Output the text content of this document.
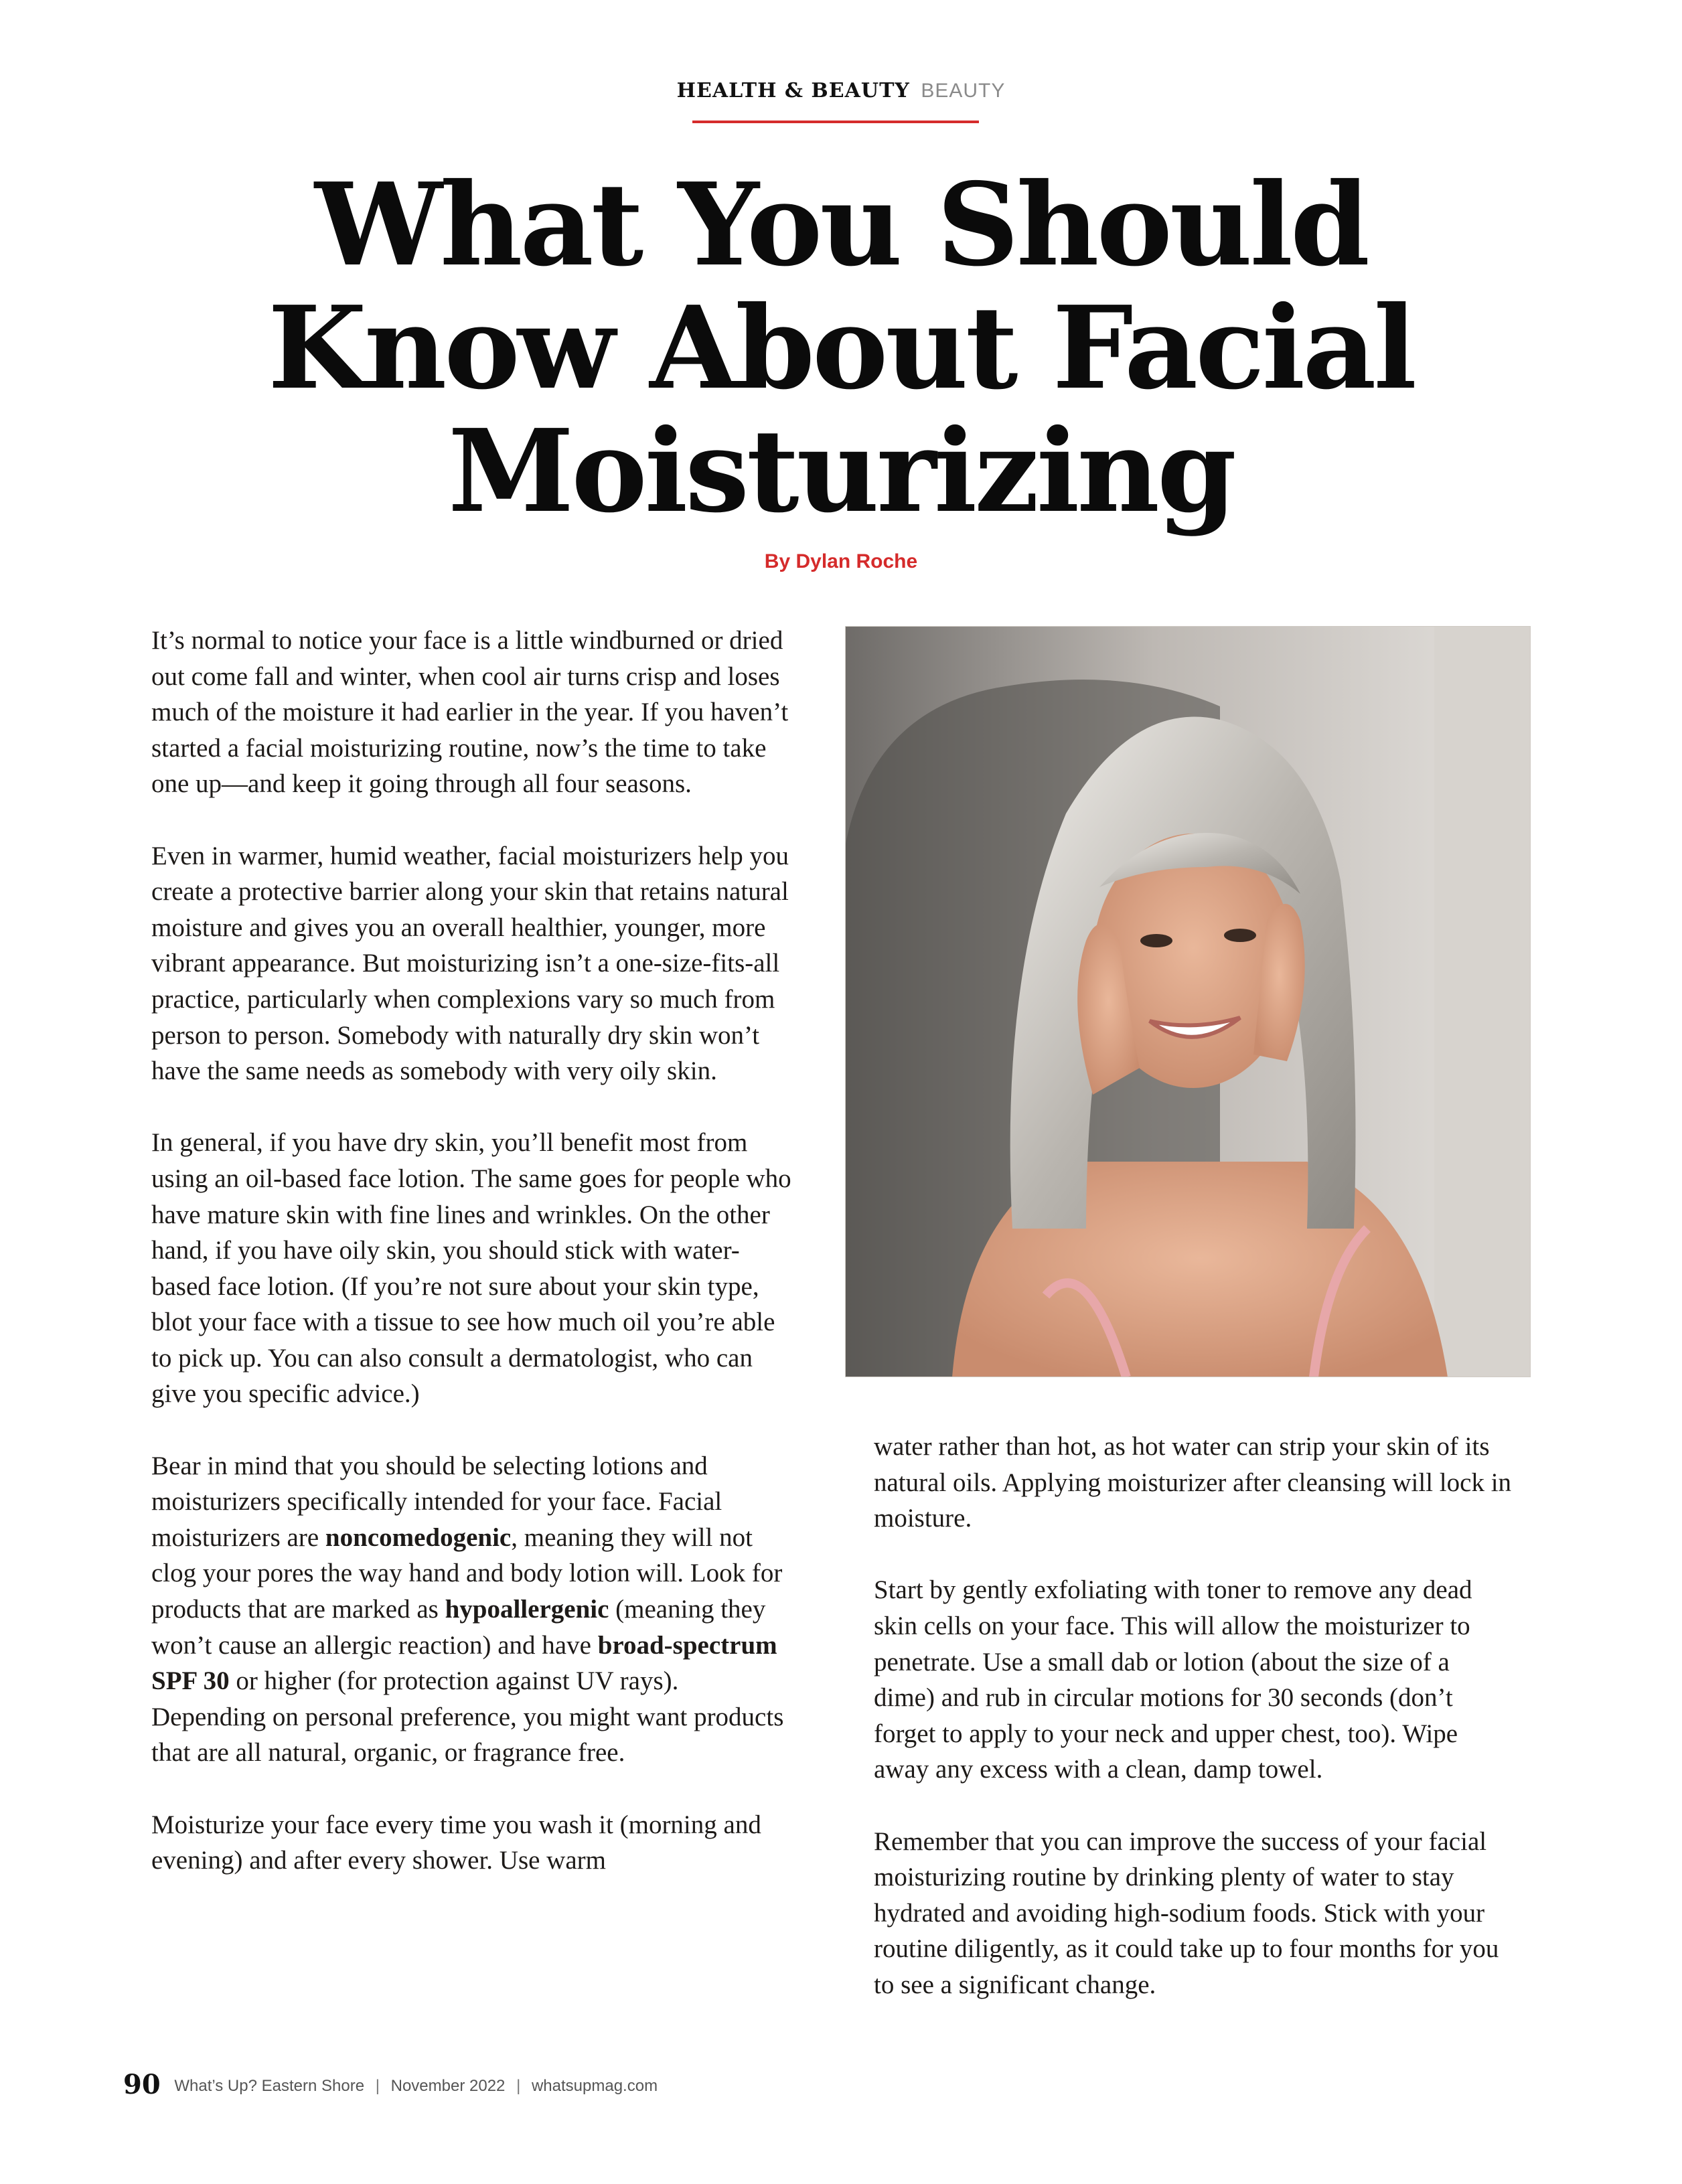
HEALTH & BEAUTY BEAUTY
What You Should Know About Facial Moisturizing
By Dylan Roche

It’s normal to notice your face is a little windburned or dried out come fall and winter, when cool air turns crisp and loses much of the moisture it had earlier in the year. If you haven’t started a facial moisturizing routine, now’s the time to take one up—and keep it going through all four seasons.

Even in warmer, humid weather, facial moisturizers help you create a protective barrier along your skin that retains natural moisture and gives you an overall healthier, younger, more vibrant appearance. But moisturizing isn’t a one-size-fits-all practice, particularly when complexions vary so much from person to person. Somebody with naturally dry skin won’t have the same needs as somebody with very oily skin.

In general, if you have dry skin, you’ll benefit most from using an oil-based face lotion. The same goes for people who have mature skin with fine lines and wrinkles. On the other hand, if you have oily skin, you should stick with water-based face lotion. (If you’re not sure about your skin type, blot your face with a tissue to see how much oil you’re able to pick up. You can also consult a dermatologist, who can give you specific advice.)

Bear in mind that you should be selecting lotions and moisturizers specifically intended for your face. Facial moisturizers are noncomedogenic, meaning they will not clog your pores the way hand and body lotion will. Look for products that are marked as hypoallergenic (meaning they won’t cause an allergic reaction) and have broad-spectrum SPF 30 or higher (for protection against UV rays). Depending on personal preference, you might want products that are all natural, organic, or fragrance free.

Moisturize your face every time you wash it (morning and evening) and after every shower. Use warm

water rather than hot, as hot water can strip your skin of its natural oils. Applying moisturizer after cleansing will lock in moisture.

Start by gently exfoliating with toner to remove any dead skin cells on your face. This will allow the moisturizer to penetrate. Use a small dab or lotion (about the size of a dime) and rub in circular motions for 30 seconds (don’t forget to apply to your neck and upper chest, too). Wipe away any excess with a clean, damp towel.

Remember that you can improve the success of your facial moisturizing routine by drinking plenty of water to stay hydrated and avoiding high-sodium foods. Stick with your routine diligently, as it could take up to four months for you to see a significant change.

90 What’s Up? Eastern Shore | November 2022 | whatsupmag.com
